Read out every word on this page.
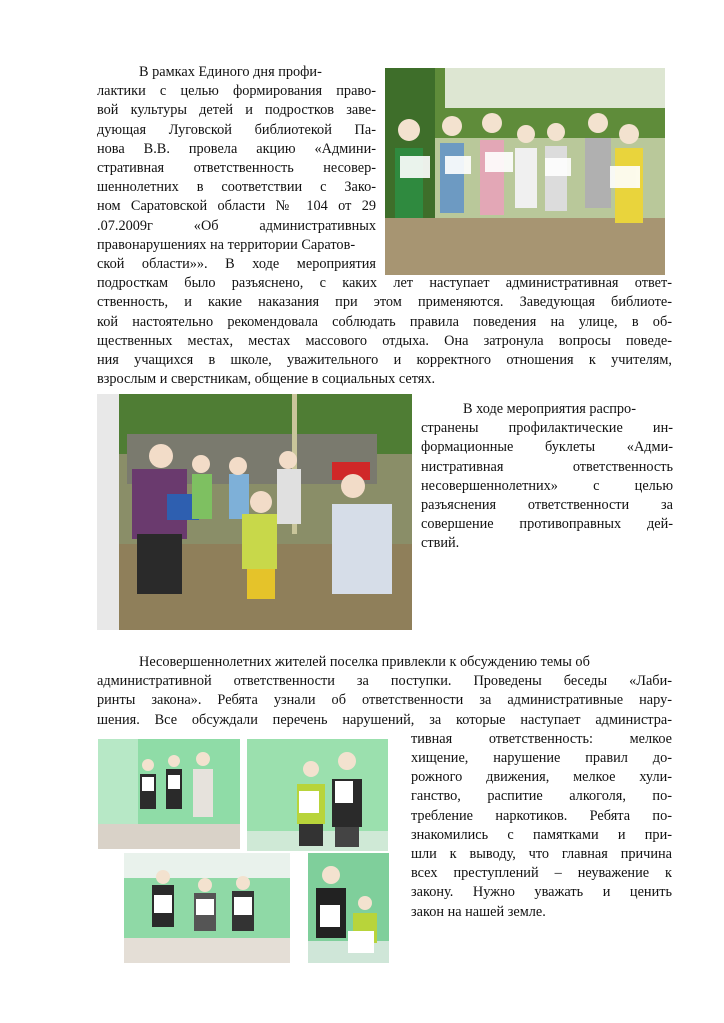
В рамках Единого дня профи-
лактики с целью формирования право-
вой культуры детей и подростков заве-
дующая Луговской библиотекой Па-
нова В.В. провела акцию «Админи-
стративная ответственность несовер-
шеннолетних в соответствии с Зако-
ном Саратовской области № 104 от 29
.07.2009г «Об административных
правонарушениях на территории Саратов-
ской области»». В ходе мероприятия
подросткам было разъяснено, с каких лет наступает административная ответ-
ственность, и какие наказания при этом применяются. Заведующая библиоте-
кой настоятельно рекомендовала соблюдать правила поведения на улице, в об-
щественных местах, местах массового отдыха. Она затронула вопросы поведе-
ния учащихся в школе, уважительного и корректного отношения к учителям,
взрослым и сверстникам, общение в социальных сетях.
В ходе мероприятия распро-
странены профилактические ин-
формационные буклеты «Адми-
нистративная ответственность
несовершеннолетних» с целью
разъяснения ответственности за
совершение противоправных дей-
ствий.
Несовершеннолетних жителей поселка привлекли к обсуждению темы об
административной ответственности за поступки. Проведены беседы «Лаби-
ринты закона». Ребята узнали об ответственности за административные нару-
шения. Все обсуждали перечень нарушений, за которые наступает администра-
тивная ответственность: мелкое
хищение, нарушение правил до-
рожного движения, мелкое хули-
ганство, распитие алкоголя, по-
требление наркотиков. Ребята по-
знакомились с памятками и при-
шли к выводу, что главная причина
всех преступлений – неуважение к
закону. Нужно уважать и ценить
закон на нашей земле.
